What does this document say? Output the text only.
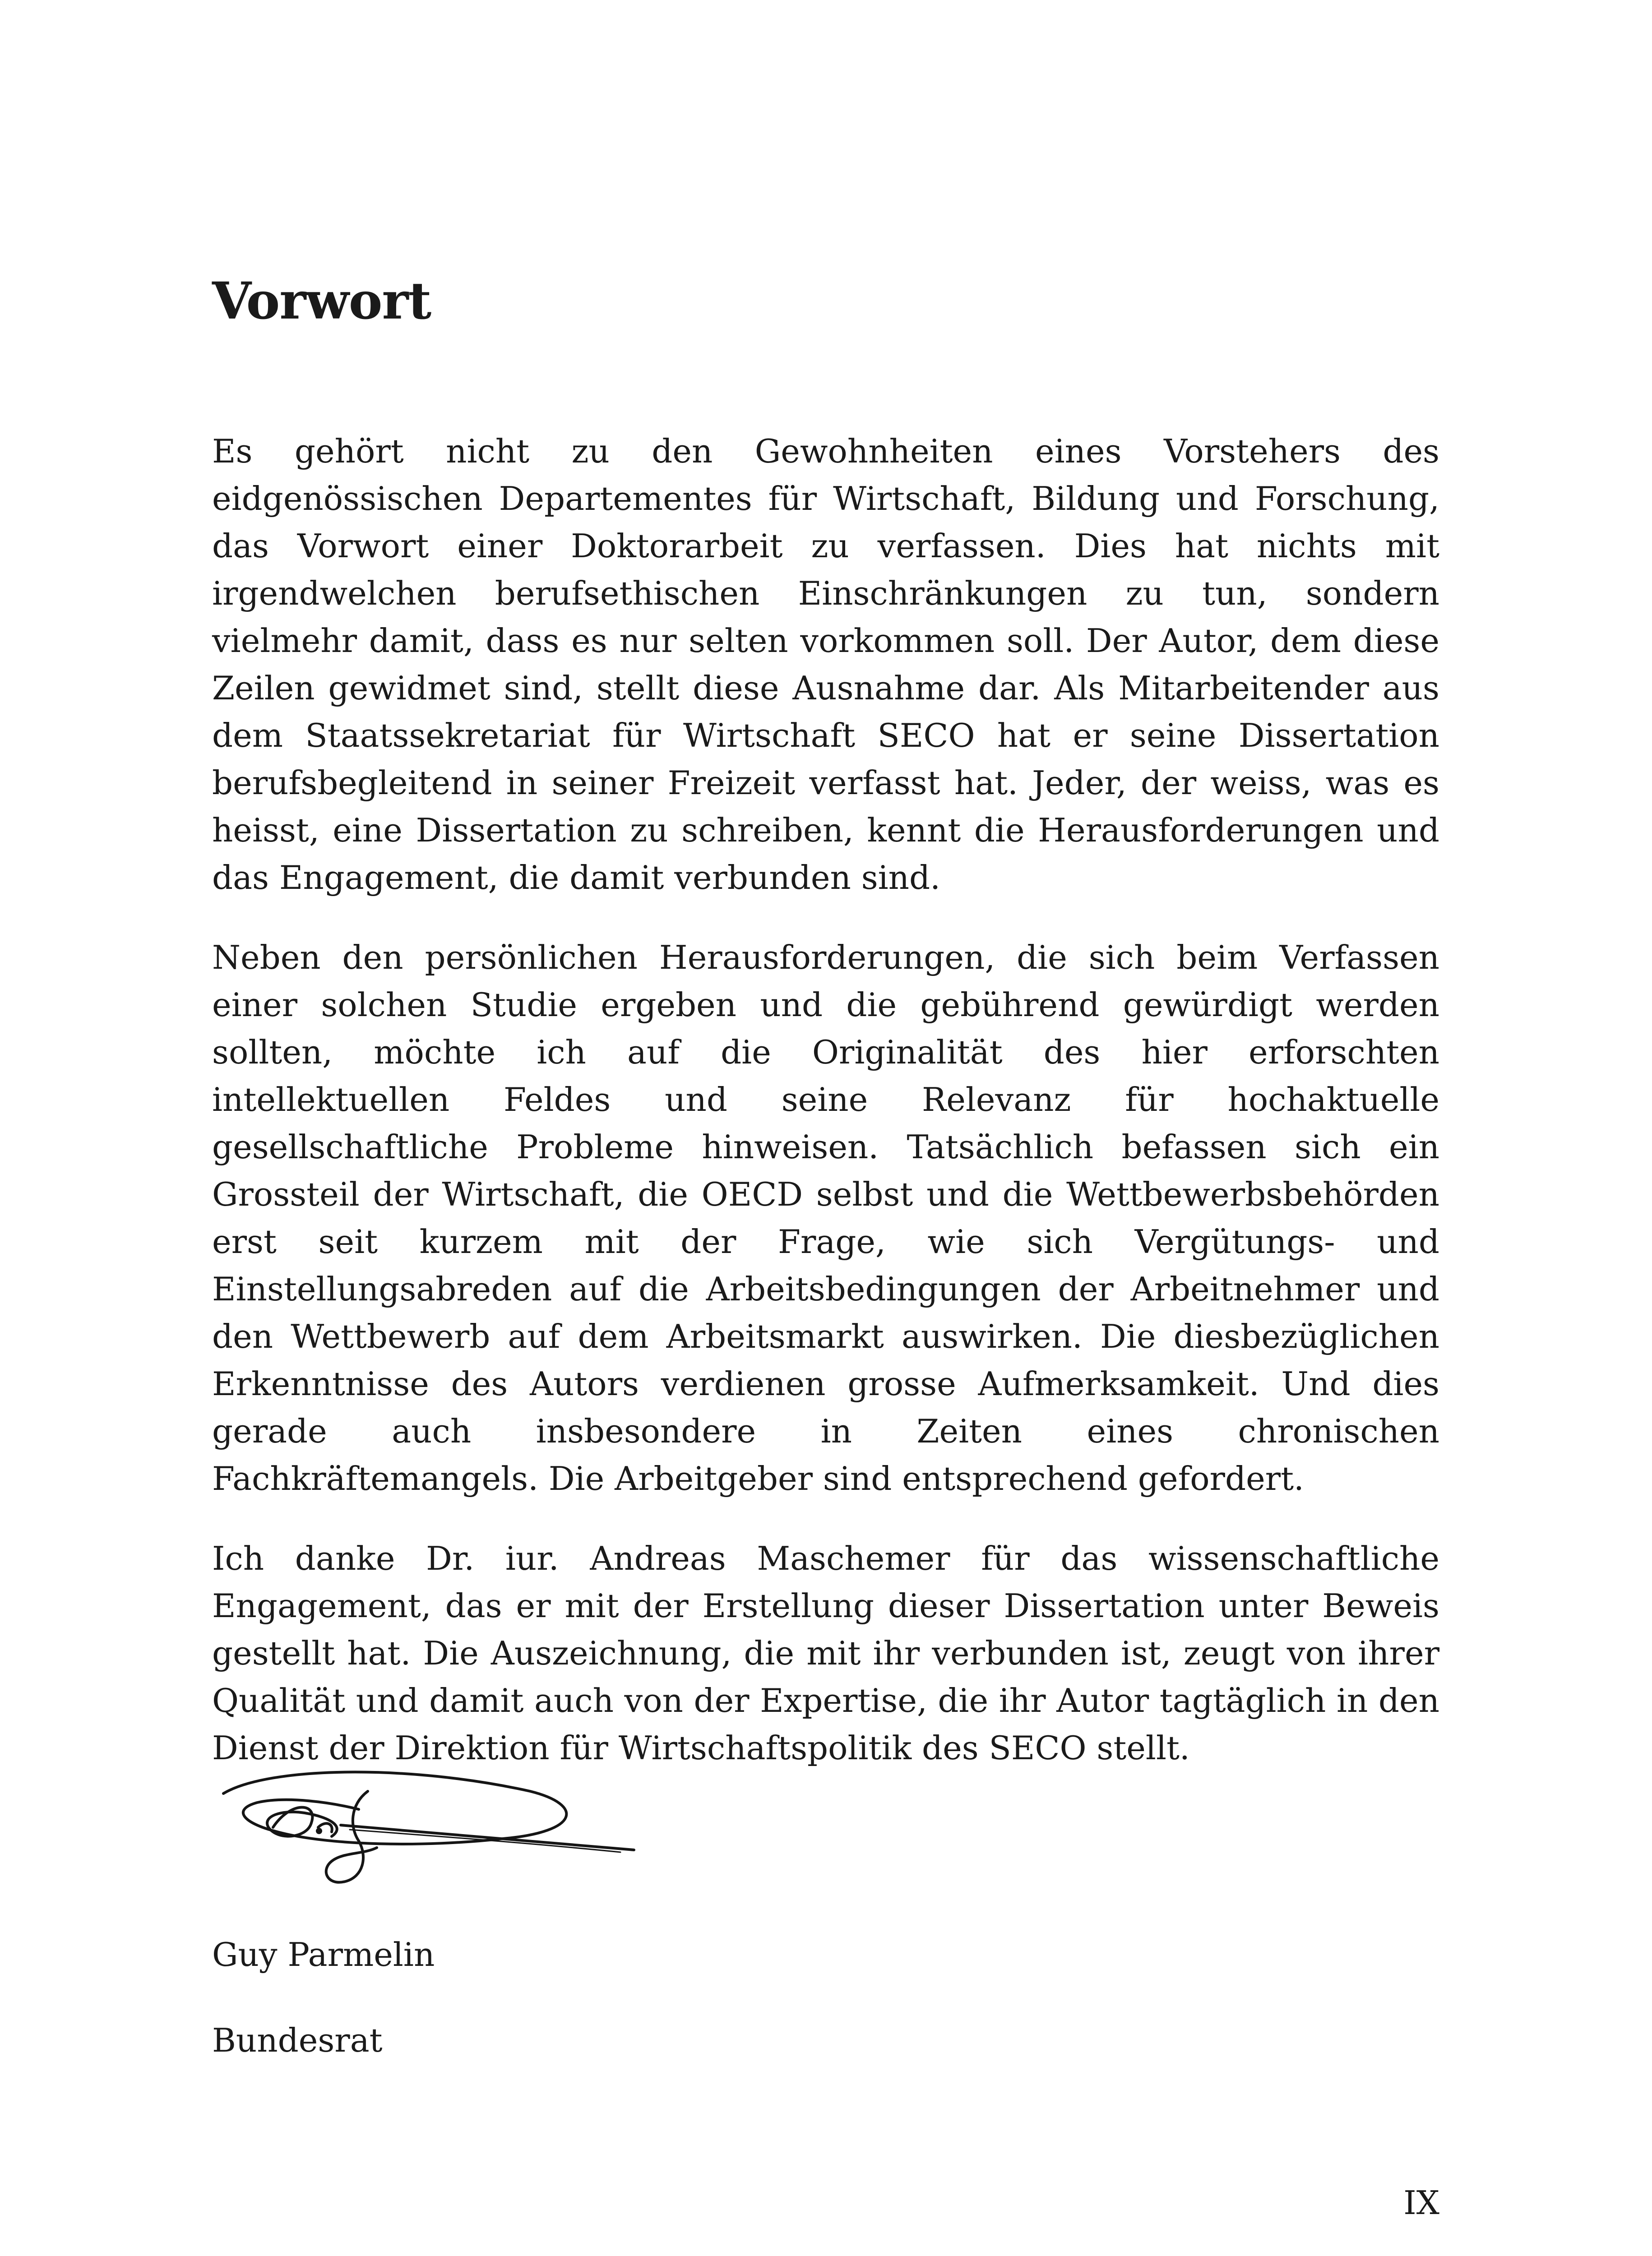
Vorwort

Es gehört nicht zu den Gewohnheiten eines Vorstehers des eidgenössischen Departementes für Wirtschaft, Bildung und Forschung, das Vorwort einer Doktorarbeit zu verfassen. Dies hat nichts mit irgendwelchen berufsethischen Einschränkungen zu tun, sondern vielmehr damit, dass es nur selten vorkommen soll. Der Autor, dem diese Zeilen gewidmet sind, stellt diese Ausnahme dar. Als Mitarbeitender aus dem Staatssekretariat für Wirtschaft SECO hat er seine Dissertation berufsbegleitend in seiner Freizeit verfasst hat. Jeder, der weiss, was es heisst, eine Dissertation zu schreiben, kennt die Herausforderungen und das Engagement, die damit verbunden sind.

Neben den persönlichen Herausforderungen, die sich beim Verfassen einer solchen Studie ergeben und die gebührend gewürdigt werden sollten, möchte ich auf die Originalität des hier erforschten intellektuellen Feldes und seine Relevanz für hochaktuelle gesellschaftliche Probleme hinweisen. Tatsächlich befassen sich ein Grossteil der Wirtschaft, die OECD selbst und die Wettbewerbsbehörden erst seit kurzem mit der Frage, wie sich Vergütungs- und Einstellungsabreden auf die Arbeitsbedingungen der Arbeitnehmer und den Wettbewerb auf dem Arbeitsmarkt auswirken. Die diesbezüglichen Erkenntnisse des Autors verdienen grosse Aufmerksamkeit. Und dies gerade auch insbesondere in Zeiten eines chronischen Fachkräftemangels. Die Arbeitgeber sind entsprechend gefordert.

Ich danke Dr. iur. Andreas Maschemer für das wissenschaftliche Engagement, das er mit der Erstellung dieser Dissertation unter Beweis gestellt hat. Die Auszeichnung, die mit ihr verbunden ist, zeugt von ihrer Qualität und damit auch von der Expertise, die ihr Autor tagtäglich in den Dienst der Direktion für Wirtschaftspolitik des SECO stellt.

Guy Parmelin

Bundesrat

IX
